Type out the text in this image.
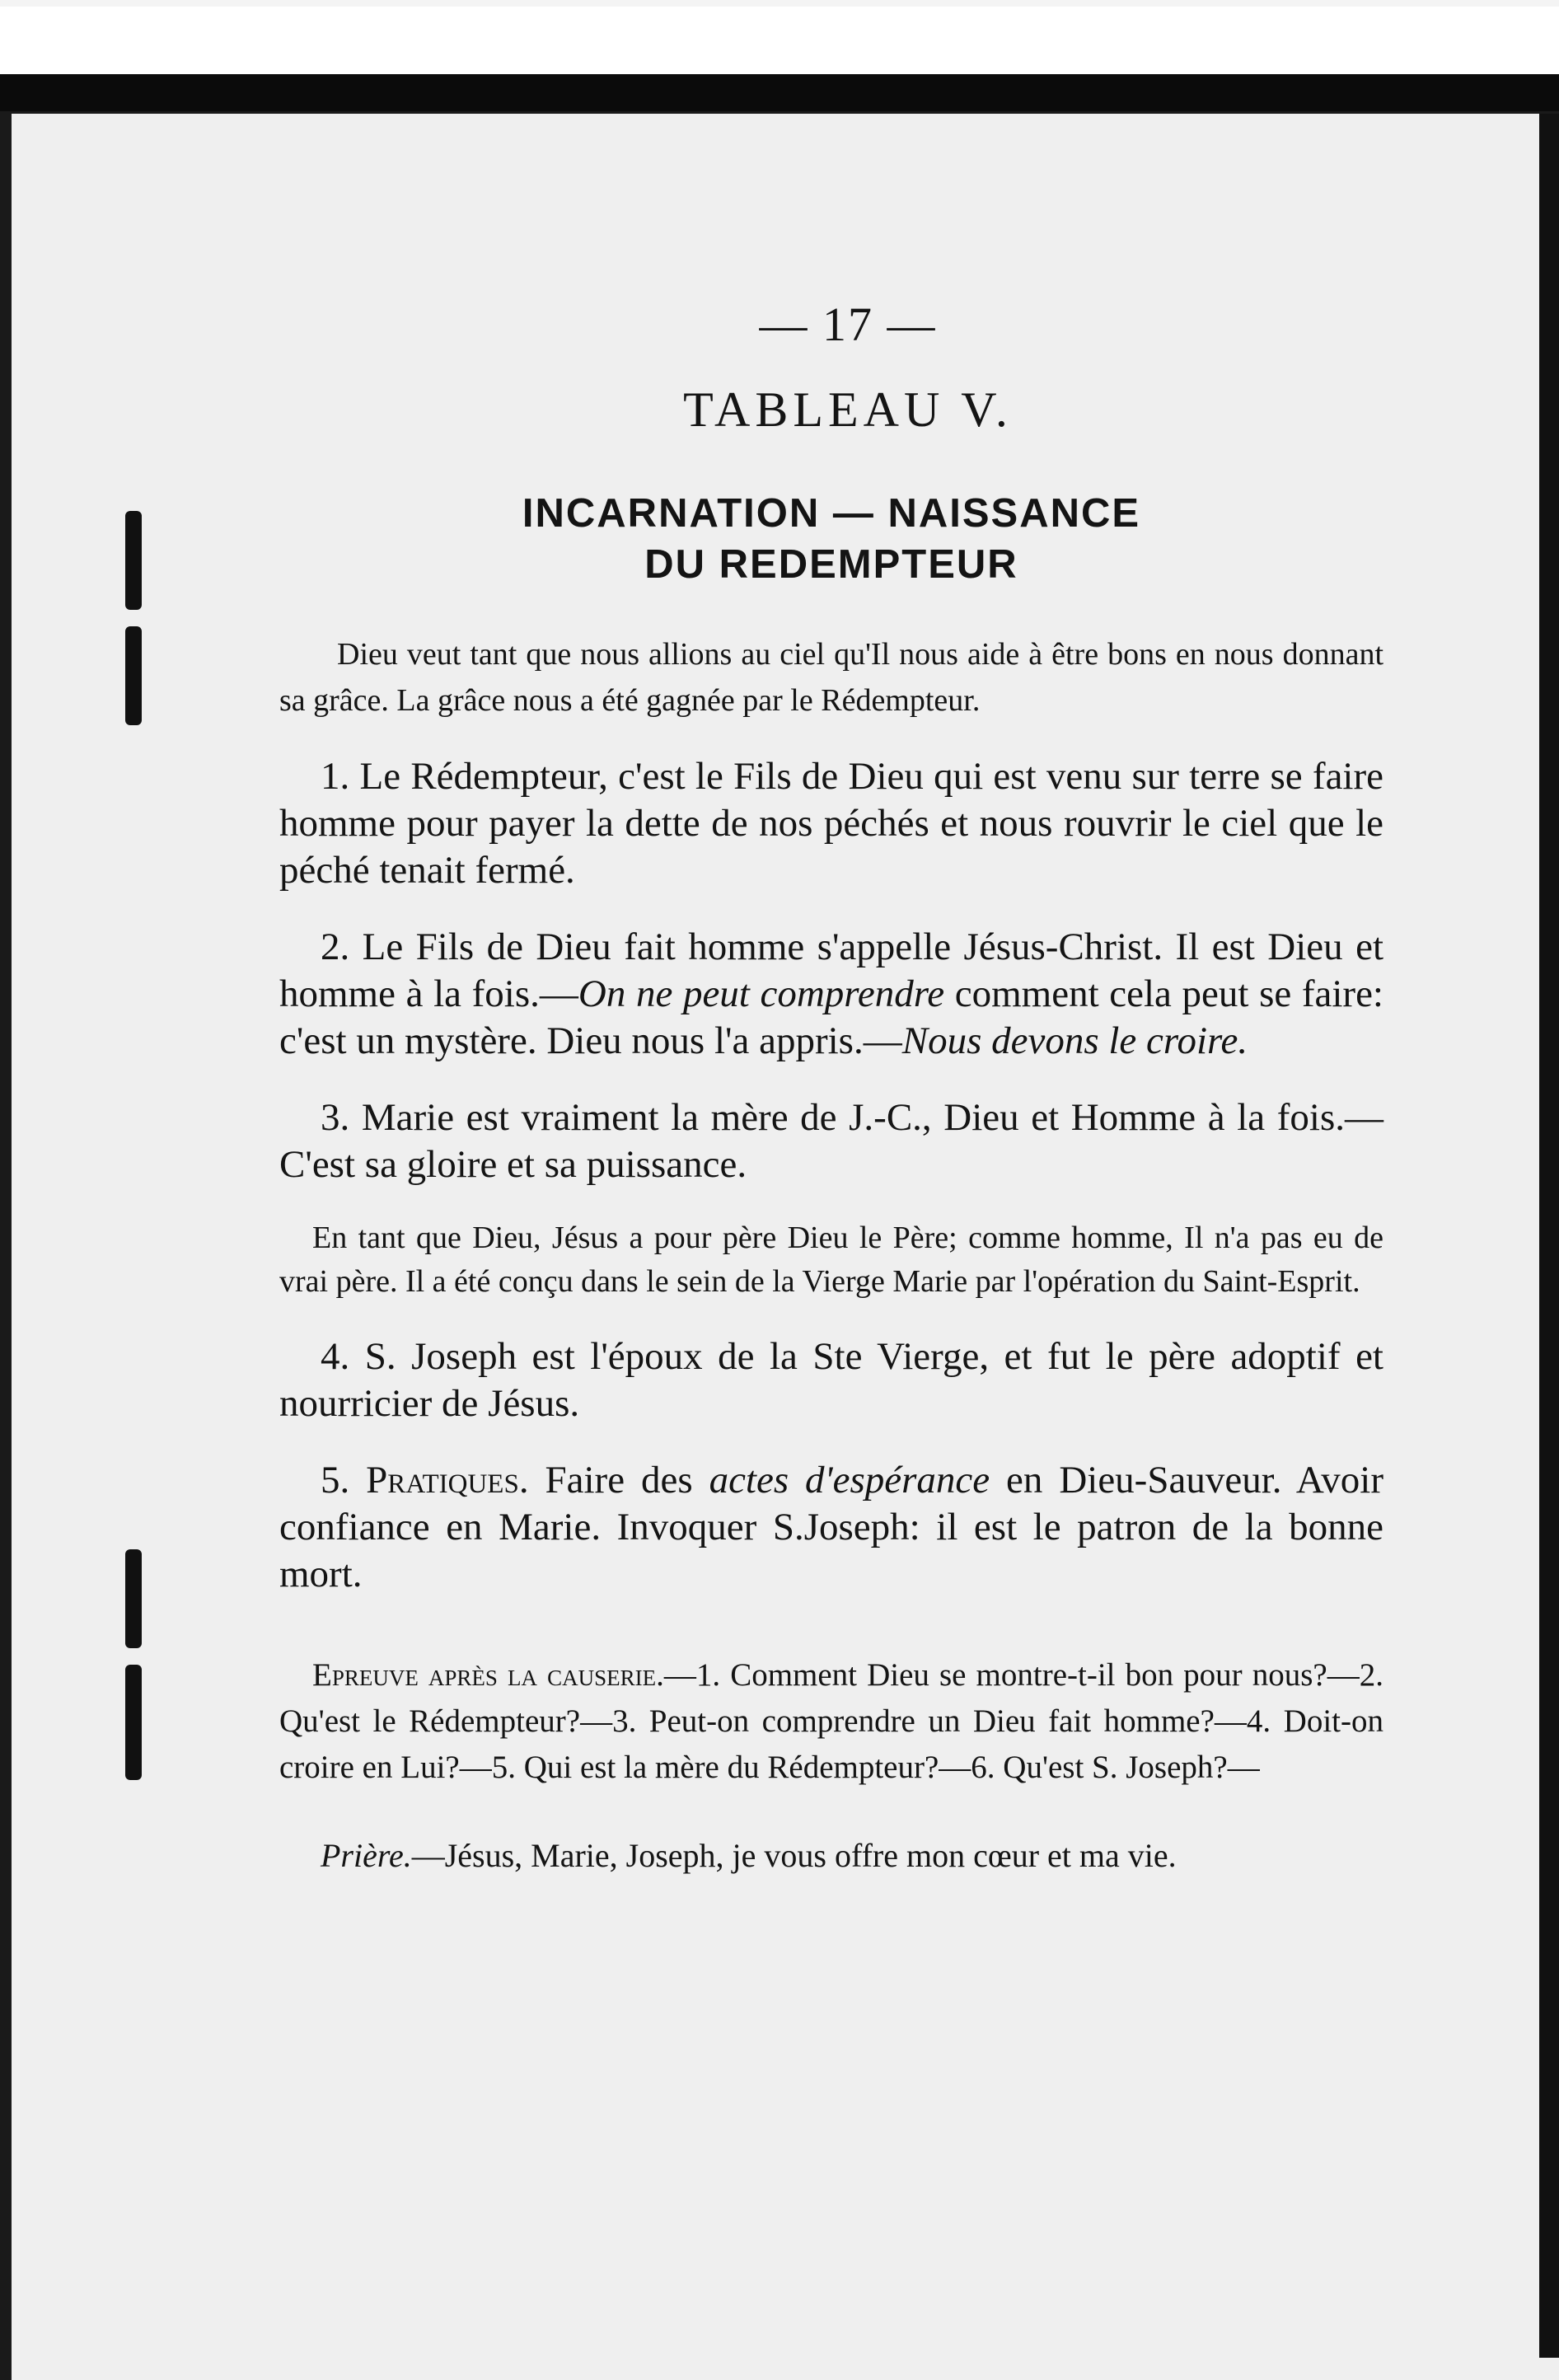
— 17 —
TABLEAU V.
INCARNATION — NAISSANCE
DU REDEMPTEUR
Dieu veut tant que nous allions au ciel qu'Il nous aide à être bons en nous donnant sa grâce. La grâce nous a été gagnée par le Rédempteur.
1. Le Rédempteur, c'est le Fils de Dieu qui est venu sur terre se faire homme pour payer la dette de nos péchés et nous rouvrir le ciel que le péché tenait fermé.
2. Le Fils de Dieu fait homme s'appelle Jésus-Christ. Il est Dieu et homme à la fois.—On ne peut comprendre comment cela peut se faire: c'est un mystère. Dieu nous l'a appris.—Nous devons le croire.
3. Marie est vraiment la mère de J.-C., Dieu et Homme à la fois.—C'est sa gloire et sa puissance.
En tant que Dieu, Jésus a pour père Dieu le Père; comme homme, Il n'a pas eu de vrai père. Il a été conçu dans le sein de la Vierge Marie par l'opération du Saint-Esprit.
4. S. Joseph est l'époux de la Ste Vierge, et fut le père adoptif et nourricier de Jésus.
5. Pratiques. Faire des actes d'espérance en Dieu-Sauveur. Avoir confiance en Marie. Invoquer S.Joseph: il est le patron de la bonne mort.
Epreuve après la causerie.—1. Comment Dieu se montre-t-il bon pour nous?—2. Qu'est le Rédempteur?—3. Peut-on comprendre un Dieu fait homme?—4. Doit-on croire en Lui?—5. Qui est la mère du Rédempteur?—6. Qu'est S. Joseph?—
Prière.—Jésus, Marie, Joseph, je vous offre mon cœur et ma vie.
